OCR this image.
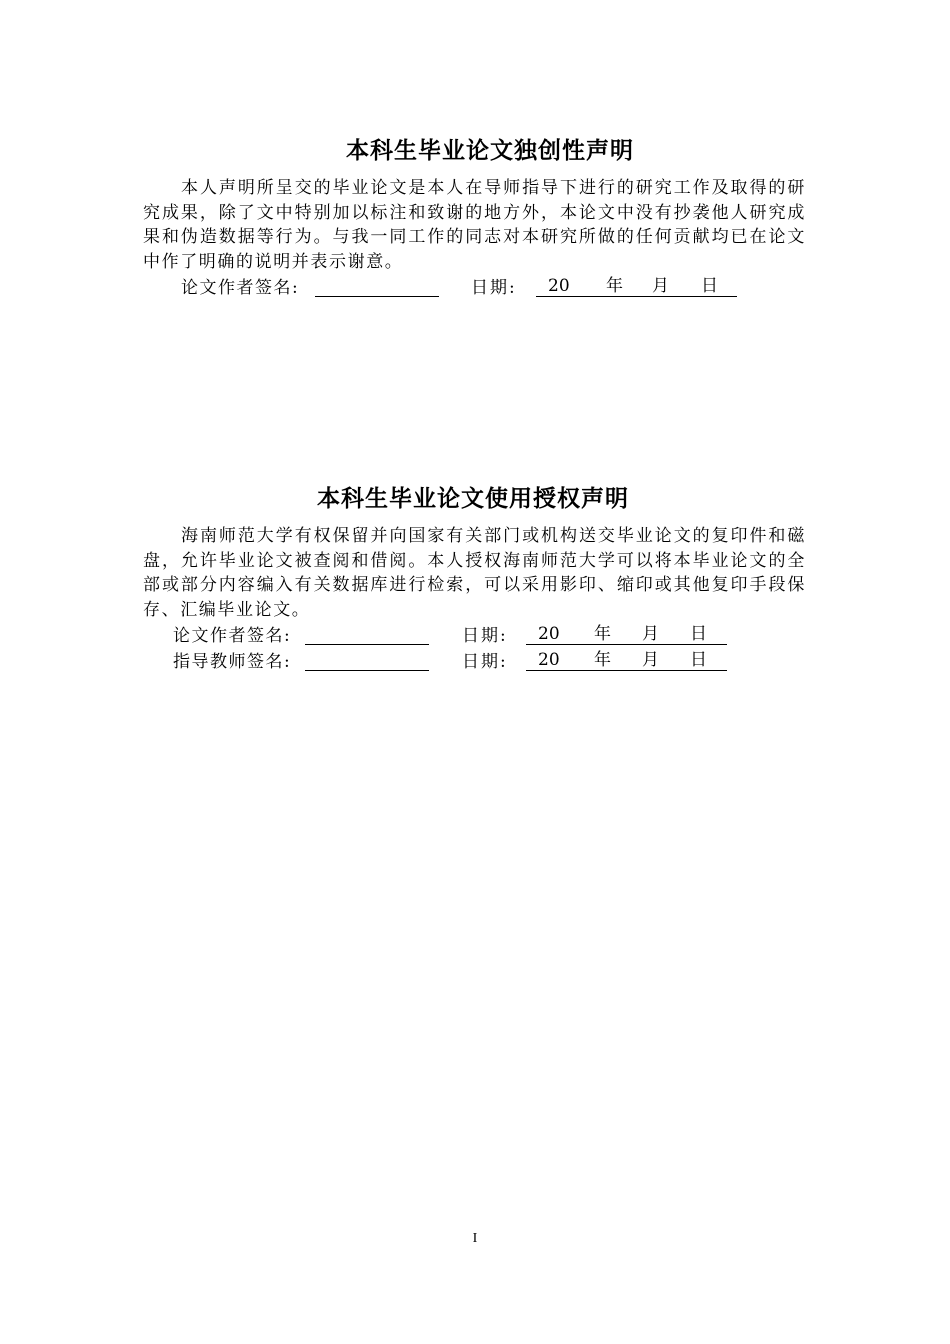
本科生毕业论文独创性声明

本人声明所呈交的毕业论文是本人在导师指导下进行的研究工作及取得的研究成果，除了文中特别加以标注和致谢的地方外，本论文中没有抄袭他人研究成果和伪造数据等行为。与我一同工作的同志对本研究所做的任何贡献均已在论文中作了明确的说明并表示谢意。

论文作者签名:	日期: 20 年 月 日
本科生毕业论文使用授权声明

海南师范大学有权保留并向国家有关部门或机构送交毕业论文的复印件和磁盘，允许毕业论文被查阅和借阅。本人授权海南师范大学可以将本毕业论文的全部或部分内容编入有关数据库进行检索，可以采用影印、缩印或其他复印手段保存、汇编毕业论文。

论文作者签名:	日期: 20 年 月 日
指导教师签名:	日期: 20 年 月 日
I
